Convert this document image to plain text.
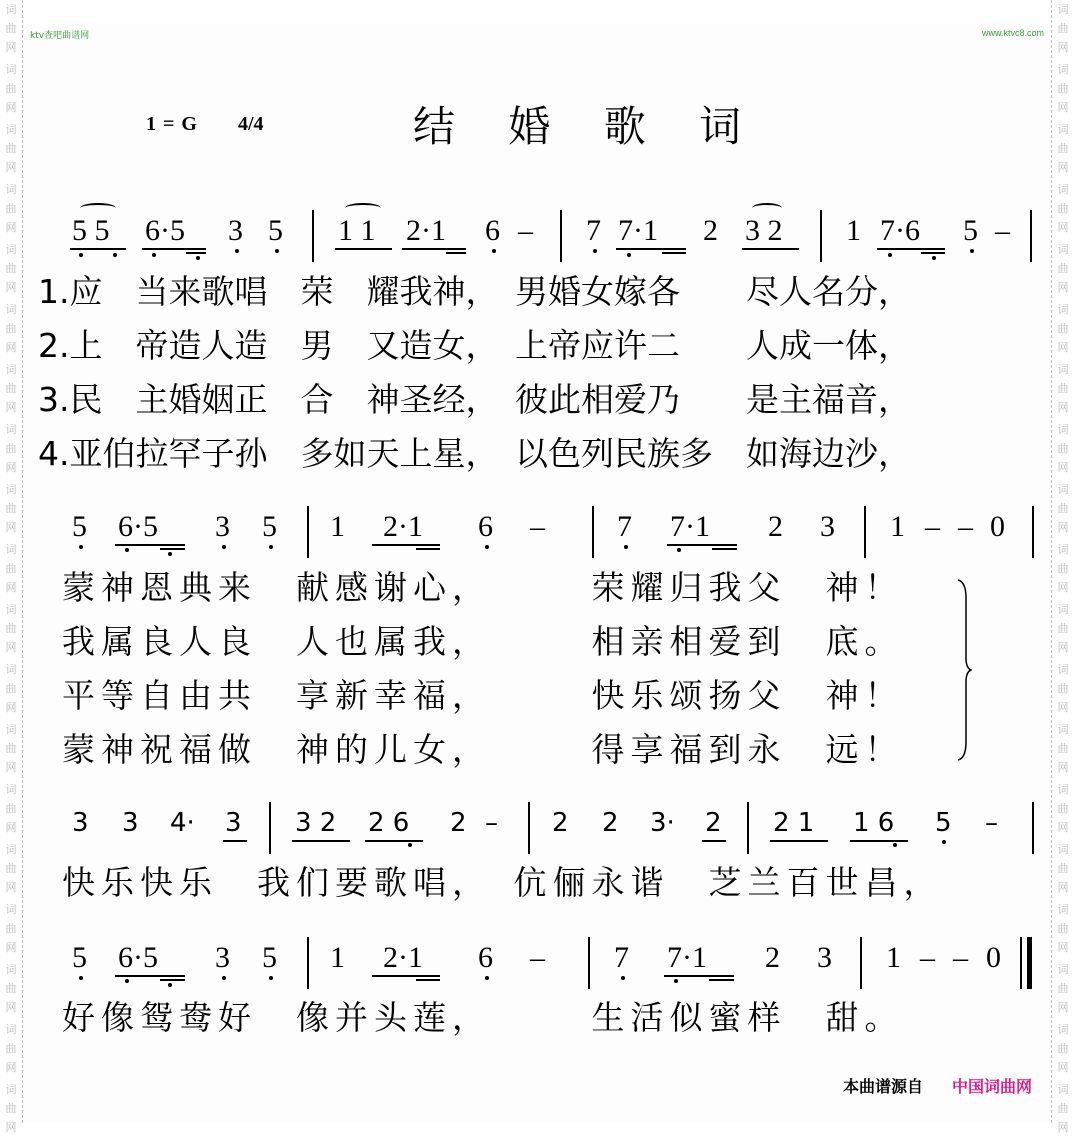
词
曲
网
词
曲
网
词
曲
网
词
曲
网
词
曲
网
词
曲
网
词
曲
网
词
曲
网
词
曲
网
词
曲
网
词
曲
网
词
曲
网
词
曲
网
词
曲
网
词
曲
网
词
曲
网
词
曲
网
词
曲
网
词
曲
网
词
曲
网
词
曲
网
词
曲
网
词
曲
网
词
曲
网
词
曲
网
词
曲
网
词
曲
网
词
曲
网
词
曲
网
词
曲
网
词
曲
网
词
曲
网
词
曲
网
词
曲
网
词
曲
网
词
曲
网
词
曲
网
词
曲
网
ktv查吧曲谱网	www.ktvc8.com
1 = G 4/4	结 婚 歌 词
5 5 6·5 3 5 1 1 2·1 6 – 7 7·1 2 3 2 1 7·6 5 –
1.应　当来歌唱　荣　耀我神，　男婚女嫁各　　尽人名分，
2.上　帝造人造　男　又造女，　上帝应许二　　人成一体，
3.民　主婚姻正　合　神圣经，　彼此相爱乃　　是主福音，
4.亚伯拉罕子孙　多如天上星，　以色列民族多　如海边沙，
5 6·5 3 5 1 2·1 6 – 7 7·1 2 3 1 – – 0
蒙神恩典来　献感谢心，　　　荣耀归我父　神！
我属良人良　人也属我，　　　相亲相爱到　底。
平等自由共　享新幸福，　　　快乐颂扬父　神！
蒙神祝福做　神的儿女，　　　得享福到永　远！
3 3 4· 3 3 2 2 6 2 – 2 2 3· 2 2 1 1 6 5 –
快乐快乐　我们要歌唱，　伉俪永谐　芝兰百世昌，
5 6·5 3 5 1 2·1 6 – 7 7·1 2 3 1 – – 0
好像鸳鸯好　像并头莲，　　　生活似蜜样　甜。
本曲谱源自 中国词曲网
